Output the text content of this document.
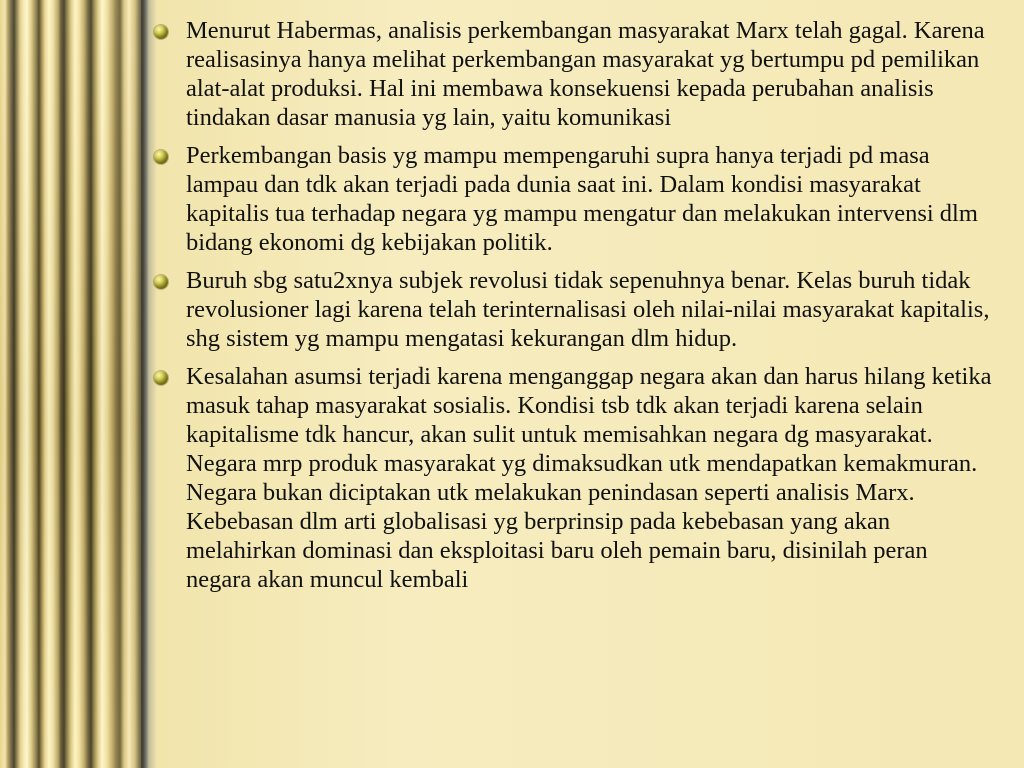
Menurut Habermas, analisis perkembangan masyarakat Marx telah gagal. Karena realisasinya hanya melihat perkembangan masyarakat yg bertumpu pd pemilikan alat-alat produksi. Hal ini membawa konsekuensi kepada perubahan analisis tindakan dasar manusia yg lain, yaitu komunikasi
Perkembangan basis yg mampu mempengaruhi supra hanya terjadi pd masa lampau dan tdk akan terjadi pada dunia saat ini. Dalam kondisi masyarakat kapitalis tua terhadap negara yg mampu mengatur dan melakukan intervensi dlm bidang ekonomi dg kebijakan politik.
Buruh sbg satu2xnya subjek revolusi tidak sepenuhnya benar. Kelas buruh tidak revolusioner lagi karena telah terinternalisasi oleh nilai-nilai masyarakat kapitalis, shg sistem yg mampu mengatasi kekurangan dlm hidup.
Kesalahan asumsi terjadi karena menganggap negara akan dan harus hilang ketika masuk tahap masyarakat sosialis. Kondisi tsb tdk akan terjadi karena selain kapitalisme tdk hancur, akan sulit untuk memisahkan negara dg masyarakat. Negara mrp produk masyarakat yg dimaksudkan utk mendapatkan kemakmuran. Negara bukan diciptakan utk melakukan penindasan seperti analisis Marx. Kebebasan dlm arti globalisasi yg berprinsip pada kebebasan yang akan melahirkan dominasi dan eksploitasi baru oleh pemain baru, disinilah peran negara akan muncul kembali
